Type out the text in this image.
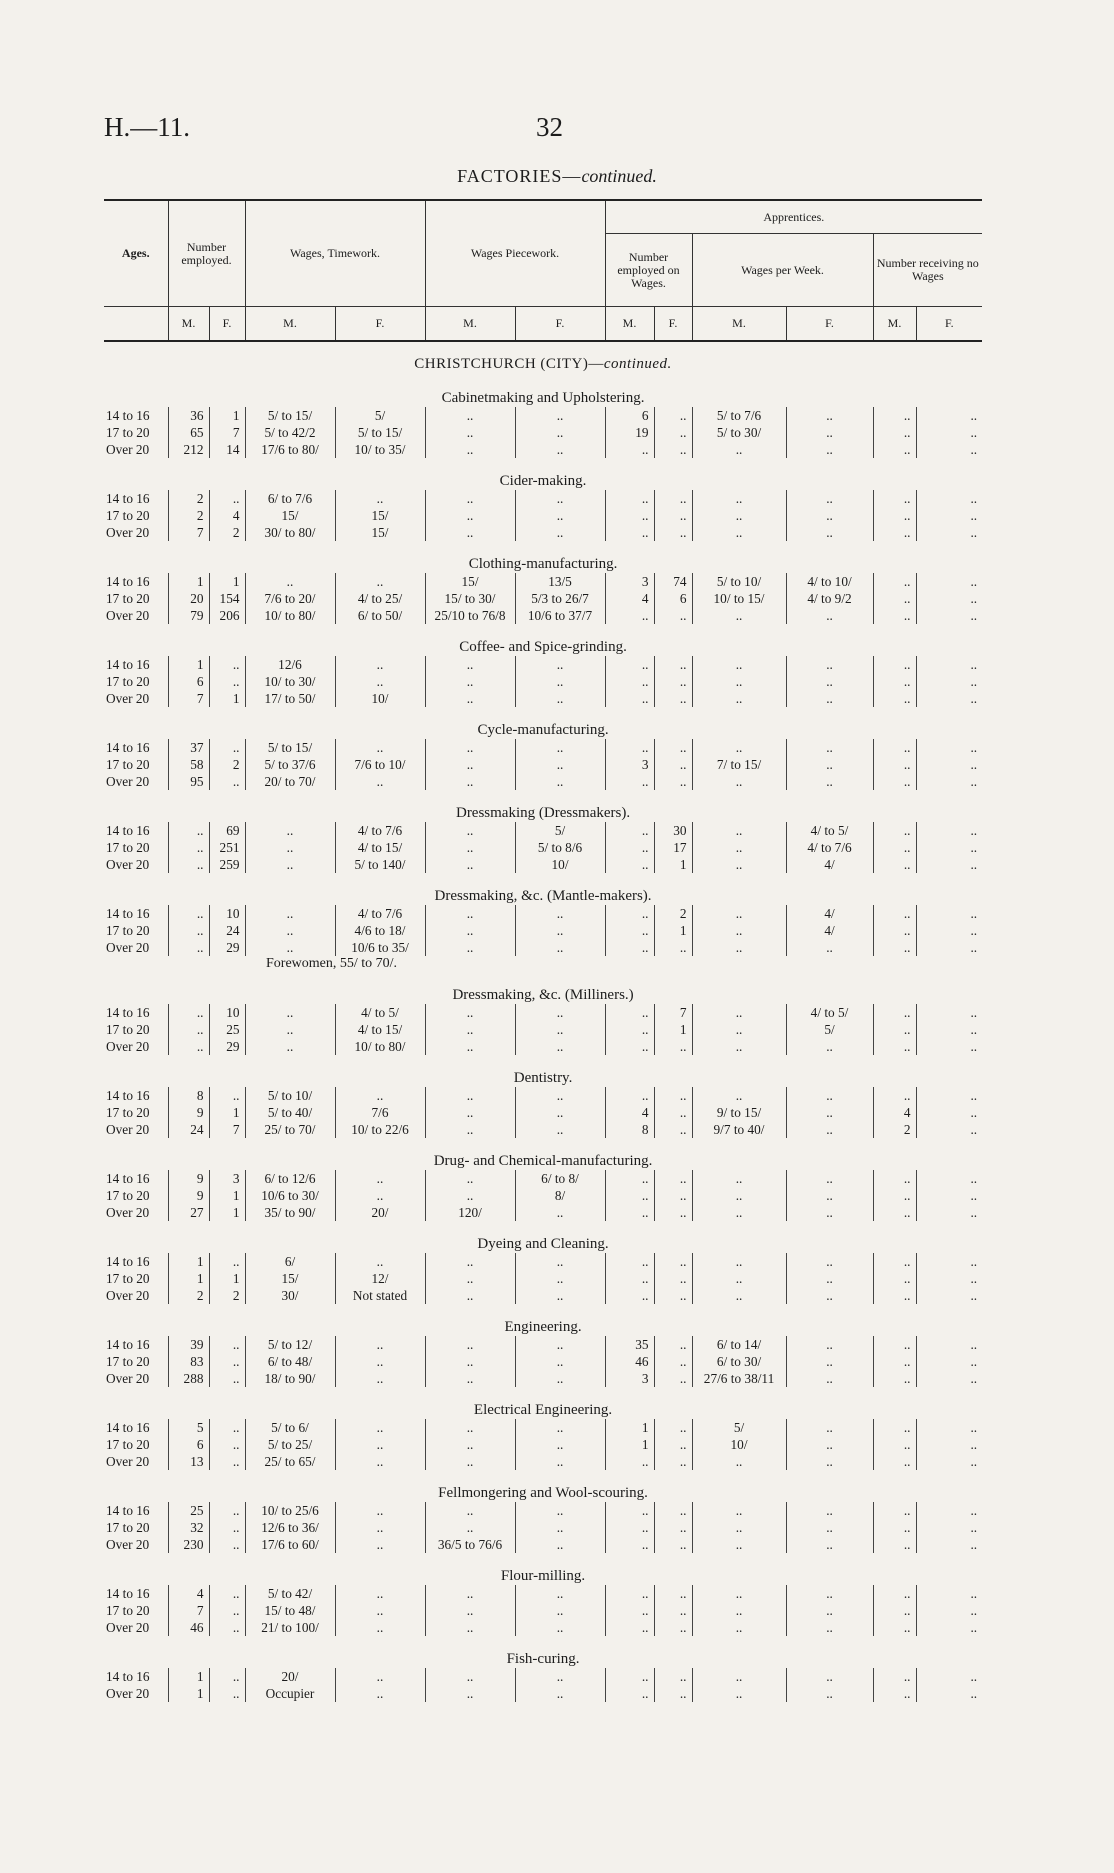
H.—11.	32
FACTORIES—continued.
Ages.	Number employed.		Wages, Timework.		Wages Piecework.		Apprentices.					
							Number employed on Wages.		Wages per Week.		Number receiving no Wages	
	M.	F.	M.	F.	M.	F.	M.	F.	M.	F.	M.	F.
CHRISTCHURCH (CITY)—continued.												
Cabinetmaking and Upholstering.												
14 to 16	36	1	5/ to 15/	5/	..	..	6	..	5/ to 7/6	..	..	..
17 to 20	65	7	5/ to 42/2	5/ to 15/	..	..	19	..	5/ to 30/	..	..	..
Over 20	212	14	17/6 to 80/	10/ to 35/	..	..	..	..	..	..	..	..
Cider-making.												
14 to 16	2	..	6/ to 7/6	..	..	..	..	..	..	..	..	..
17 to 20	2	4	15/	15/	..	..	..	..	..	..	..	..
Over 20	7	2	30/ to 80/	15/	..	..	..	..	..	..	..	..
Clothing-manufacturing.												
14 to 16	1	1	..	..	15/	13/5	3	74	5/ to 10/	4/ to 10/	..	..
17 to 20	20	154	7/6 to 20/	4/ to 25/	15/ to 30/	5/3 to 26/7	4	6	10/ to 15/	4/ to 9/2	..	..
Over 20	79	206	10/ to 80/	6/ to 50/	25/10 to 76/8	10/6 to 37/7	..	..	..	..	..	..
Coffee- and Spice-grinding.												
14 to 16	1	..	12/6	..	..	..	..	..	..	..	..	..
17 to 20	6	..	10/ to 30/	..	..	..	..	..	..	..	..	..
Over 20	7	1	17/ to 50/	10/	..	..	..	..	..	..	..	..
Cycle-manufacturing.												
14 to 16	37	..	5/ to 15/	..	..	..	..	..	..	..	..	..
17 to 20	58	2	5/ to 37/6	7/6 to 10/	..	..	3	..	7/ to 15/	..	..	..
Over 20	95	..	20/ to 70/	..	..	..	..	..	..	..	..	..
Dressmaking (Dressmakers).												
14 to 16	..	69	..	4/ to 7/6	..	5/	..	30	..	4/ to 5/	..	..
17 to 20	..	251	..	4/ to 15/	..	5/ to 8/6	..	17	..	4/ to 7/6	..	..
Over 20	..	259	..	5/ to 140/	..	10/	..	1	..	4/	..	..
Dressmaking, &c. (Mantle-makers).												
14 to 16	..	10	..	4/ to 7/6	..	..	..	2	..	4/	..	..
17 to 20	..	24	..	4/6 to 18/	..	..	..	1	..	4/	..	..
Over 20	..	29	..	10/6 to 35/	..	..	..	..	..	..	..	..
Forewomen, 55/ to 70/.												
Dressmaking, &c. (Milliners.)												
14 to 16	..	10	..	4/ to 5/	..	..	..	7	..	4/ to 5/	..	..
17 to 20	..	25	..	4/ to 15/	..	..	..	1	..	5/	..	..
Over 20	..	29	..	10/ to 80/	..	..	..	..	..	..	..	..
Dentistry.												
14 to 16	8	..	5/ to 10/	..	..	..	..	..	..	..	..	..
17 to 20	9	1	5/ to 40/	7/6	..	..	4	..	9/ to 15/	..	4	..
Over 20	24	7	25/ to 70/	10/ to 22/6	..	..	8	..	9/7 to 40/	..	2	..
Drug- and Chemical-manufacturing.												
14 to 16	9	3	6/ to 12/6	..	..	6/ to 8/	..	..	..	..	..	..
17 to 20	9	1	10/6 to 30/	..	..	8/	..	..	..	..	..	..
Over 20	27	1	35/ to 90/	20/	120/	..	..	..	..	..	..	..
Dyeing and Cleaning.												
14 to 16	1	..	6/	..	..	..	..	..	..	..	..	..
17 to 20	1	1	15/	12/	..	..	..	..	..	..	..	..
Over 20	2	2	30/	Not stated	..	..	..	..	..	..	..	..
Engineering.												
14 to 16	39	..	5/ to 12/	..	..	..	35	..	6/ to 14/	..	..	..
17 to 20	83	..	6/ to 48/	..	..	..	46	..	6/ to 30/	..	..	..
Over 20	288	..	18/ to 90/	..	..	..	3	..	27/6 to 38/11	..	..	..
Electrical Engineering.												
14 to 16	5	..	5/ to 6/	..	..	..	1	..	5/	..	..	..
17 to 20	6	..	5/ to 25/	..	..	..	1	..	10/	..	..	..
Over 20	13	..	25/ to 65/	..	..	..	..	..	..	..	..	..
Fellmongering and Wool-scouring.												
14 to 16	25	..	10/ to 25/6	..	..	..	..	..	..	..	..	..
17 to 20	32	..	12/6 to 36/	..	..	..	..	..	..	..	..	..
Over 20	230	..	17/6 to 60/	..	36/5 to 76/6	..	..	..	..	..	..	..
Flour-milling.												
14 to 16	4	..	5/ to 42/	..	..	..	..	..	..	..	..	..
17 to 20	7	..	15/ to 48/	..	..	..	..	..	..	..	..	..
Over 20	46	..	21/ to 100/	..	..	..	..	..	..	..	..	..
Fish-curing.												
14 to 16	1	..	20/	..	..	..	..	..	..	..	..	..
Over 20	1	..	Occupier	..	..	..	..	..	..	..	..	..
